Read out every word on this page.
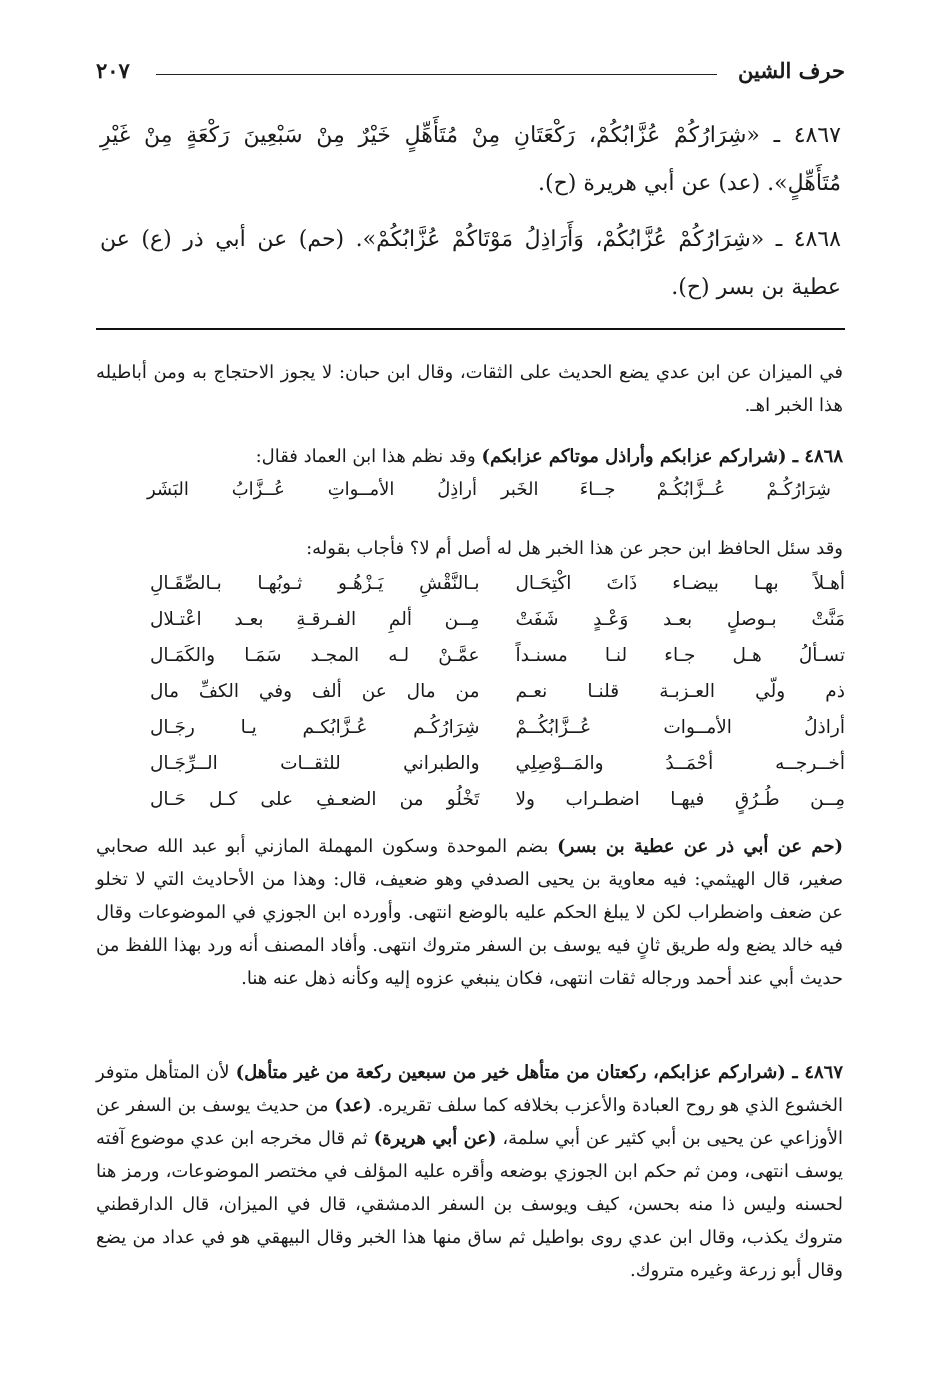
حرف الشين
٢٠٧

٤٨٦٧ ـ «شِرَارُكُمْ عُزَّابُكُمْ، رَكْعَتَانِ مِنْ مُتَأَهِّلٍ خَيْرٌ مِنْ سَبْعِينَ رَكْعَةٍ مِنْ غَيْرِ مُتَأَهِّلٍ». (عد) عن أبي هريرة (ح).

٤٨٦٨ ـ «شِرَارُكُمْ عُزَّابُكُمْ، وَأَرَاذِلُ مَوْتَاكُمْ عُزَّابُكُمْ». (حم) عن أبي ذر (ع) عن عطية بن بسر (ح).

في الميزان عن ابن عدي يضع الحديث على الثقات، وقال ابن حبان: لا يجوز الاحتجاج به ومن أباطيله هذا الخبر اهـ.
٤٨٦٨ ـ (شراركم عزابكم وأراذل موتاكم عزابكم) وقد نظم هذا ابن العماد فقال:
شِرَارُكُـمْ عُــزَّابُكُـمْ جــاءَ الخَبر
أراذِلُ الأمــواتِ عُــزَّابُ البَشَر
وقد سئل الحافظ ابن حجر عن هذا الخبر هل له أصل أم لا؟ فأجاب بقوله:
أهـلاً بهـا بيضـاء ذَاتَ اكْتِحَـال
بـالنَّقْشِ يَـزْهُـو ثـوبُهـا بـالصِّقَـالِ
مَنَّتْ بـوصلٍ بعـد وَعْـدٍ شَفَتْ
مِــن ألمِ الفـرقـةِ بعـد اعْتـلال
تسـألُ هـل جـاء لنـا مسنـداً
عمَّـنْ لـه المجـد سَمَـا والكَمَـال
ذم ولّي العـزبـة قلنـا نعـم
من مال عن ألف وفي الكفِّ مال
أراذلُ الأمــوات عُــزَّابُكُــمْ
شِرَارُكُـم عُـزَّابُكـم يـا رجَـال
أخــرجــه أحْمَــدُ والمَــوْصِلِي
والطبراني للثقــات الــرِّجَـال
مِــن طُـرُقٍ فيهـا اضطـراب ولا
تَخْلُو من الضعـفِ على كـل حَـال
(حم عن أبي ذر عن عطية بن بسر) بضم الموحدة وسكون المهملة المازني أبو عبد الله صحابي صغير، قال الهيثمي: فيه معاوية بن يحيى الصدفي وهو ضعيف، قال: وهذا من الأحاديث التي لا تخلو عن ضعف واضطراب لكن لا يبلغ الحكم عليه بالوضع انتهى. وأورده ابن الجوزي في الموضوعات وقال فيه خالد يضع وله طريق ثانٍ فيه يوسف بن السفر متروك انتهى. وأفاد المصنف أنه ورد بهذا اللفظ من حديث أبي عند أحمد ورجاله ثقات انتهى، فكان ينبغي عزوه إليه وكأنه ذهل عنه هنا.
٤٨٦٧ ـ (شراركم عزابكم، ركعتان من متأهل خير من سبعين ركعة من غير متأهل) لأن المتأهل متوفر الخشوع الذي هو روح العبادة والأعزب بخلافه كما سلف تقريره. (عد) من حديث يوسف بن السفر عن الأوزاعي عن يحيى بن أبي كثير عن أبي سلمة، (عن أبي هريرة) ثم قال مخرجه ابن عدي موضوع آفته يوسف انتهى، ومن ثم حكم ابن الجوزي بوضعه وأقره عليه المؤلف في مختصر الموضوعات، ورمز هنا لحسنه وليس ذا منه بحسن، كيف ويوسف بن السفر الدمشقي، قال في الميزان، قال الدارقطني متروك يكذب، وقال ابن عدي روى بواطيل ثم ساق منها هذا الخبر وقال البيهقي هو في عداد من يضع وقال أبو زرعة وغيره متروك.
